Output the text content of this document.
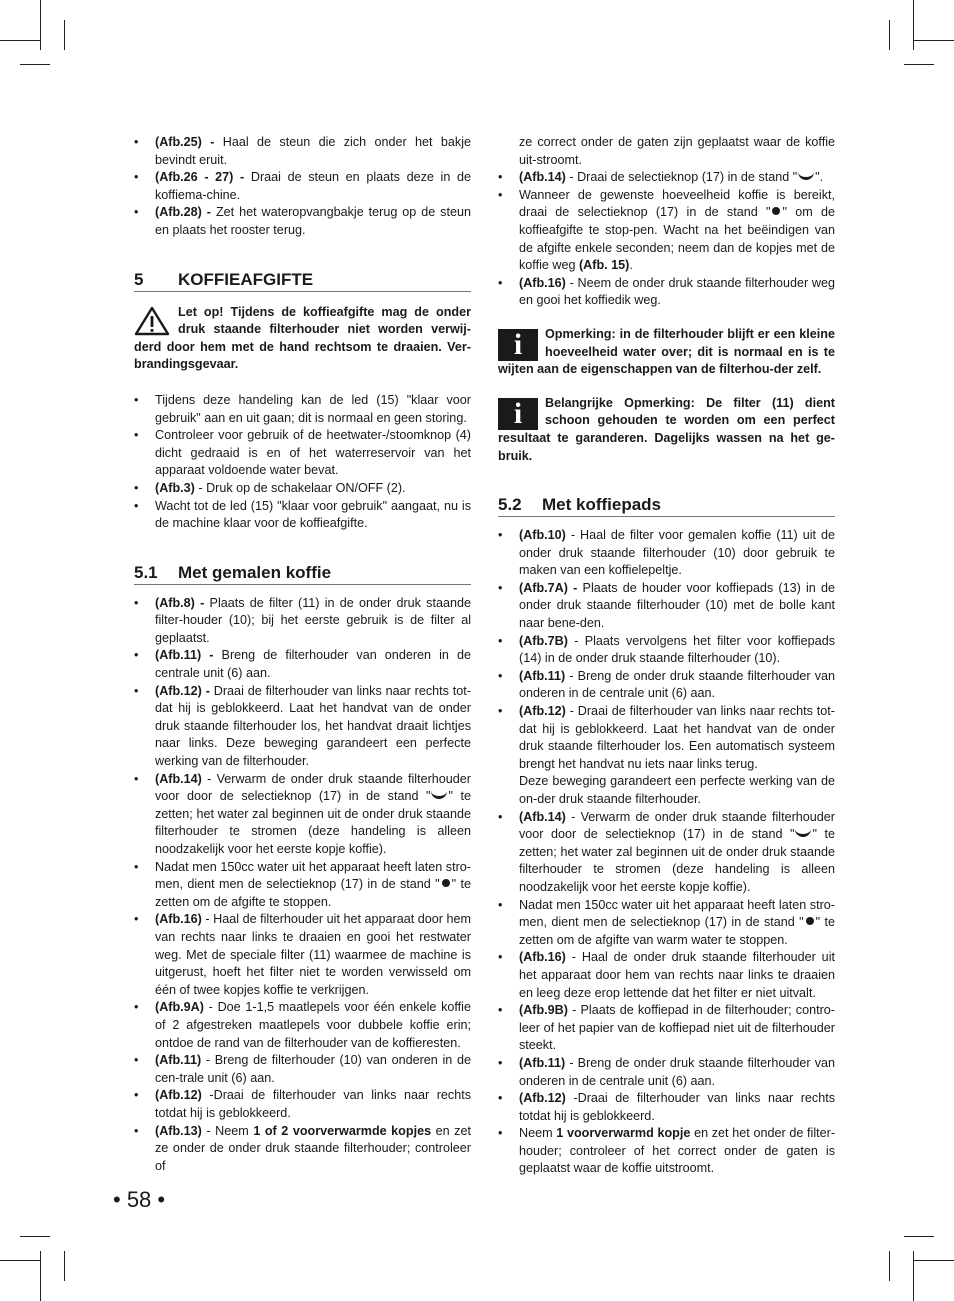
• (Afb.25) - Haal de steun die zich onder het bakje bevindt eruit.
• (Afb.26 - 27) - Draai de steun en plaats deze in de koffiema-chine.
• (Afb.28) - Zet het wateropvangbakje terug op de steun en plaats het rooster terug.
5	KOFFIEAFGIFTE
Let op! Tijdens de koffieafgifte mag de onder druk staande filterhouder niet worden verwij-derd door hem met de hand rechtsom te draaien. Ver-brandingsgevaar.
• Tijdens deze handeling kan de led (15) "klaar voor gebruik" aan en uit gaan; dit is normaal en geen storing.
• Controleer voor gebruik of de heetwater-/stoomknop (4) dicht gedraaid is en of het waterreservoir van het apparaat voldoende water bevat.
• (Afb.3) - Druk op de schakelaar ON/OFF (2).
• Wacht tot de led (15) "klaar voor gebruik" aangaat, nu is de machine klaar voor de koffieafgifte.
5.1	Met gemalen koffie
• (Afb.8) - Plaats de filter (11) in de onder druk staande filter-houder (10); bij het eerste gebruik is de filter al geplaatst.
• (Afb.11) - Breng de filterhouder van onderen in de centrale unit (6) aan.
• (Afb.12) - Draai de filterhouder van links naar rechts tot-dat hij is geblokkeerd. Laat het handvat van de onder druk staande filterhouder los, het handvat draait lichtjes naar links. Deze beweging garandeert een perfecte werking van de filterhouder.
• (Afb.14) - Verwarm de onder druk staande filterhouder voor door de selectieknop (17) in de stand " " te zetten; het water zal beginnen uit de onder druk staande filterhouder te stromen (deze handeling is alleen noodzakelijk voor het eerste kopje koffie).
• Nadat men 150cc water uit het apparaat heeft laten stro-men, dient men de selectieknop (17) in de stand " " te zetten om de afgifte te stoppen.
• (Afb.16) - Haal de filterhouder uit het apparaat door hem van rechts naar links te draaien en gooi het restwater weg. Met de speciale filter (11) waarmee de machine is uitgerust, hoeft het filter niet te worden verwisseld om één of twee kopjes koffie te verkrijgen.
• (Afb.9A) - Doe 1-1,5 maatlepels voor één enkele koffie of 2 afgestreken maatlepels voor dubbele koffie erin; ontdoe de rand van de filterhouder van de koffieresten.
• (Afb.11) - Breng de filterhouder (10) van onderen in de cen-trale unit (6) aan.
• (Afb.12) -Draai de filterhouder van links naar rechts totdat hij is geblokkeerd.
• (Afb.13) - Neem 1 of 2 voorverwarmde kopjes en zet ze onder de onder druk staande filterhouder; controleer of
• 58 •

ze correct onder de gaten zijn geplaatst waar de koffie uit-stroomt.

• (Afb.14) - Draai de selectieknop (17) in de stand " ".
• Wanneer de gewenste hoeveelheid koffie is bereikt, draai de selectieknop (17) in de stand " " om de koffieafgifte te stop-pen. Wacht na het beëindigen van de afgifte enkele seconden; neem dan de kopjes met de koffie weg (Afb. 15).
• (Afb.16) - Neem de onder druk staande filterhouder weg en gooi het koffiedik weg.
i	Opmerking: in de filterhouder blijft er een kleine hoeveelheid water over; dit is normaal en is te wijten aan de eigenschappen van de filterhou-der zelf.
i	Belangrijke Opmerking: De filter (11) dient schoon gehouden te worden om een perfect resultaat te garanderen. Dagelijks wassen na het ge-bruik.
5.2	Met koffiepads
• (Afb.10) - Haal de filter voor gemalen koffie (11) uit de onder druk staande filterhouder (10) door gebruik te maken van een koffielepeltje.
• (Afb.7A) - Plaats de houder voor koffiepads (13) in de onder druk staande filterhouder (10) met de bolle kant naar bene-den.
• (Afb.7B) - Plaats vervolgens het filter voor koffiepads (14) in de onder druk staande filterhouder (10).
• (Afb.11) - Breng de onder druk staande filterhouder van onderen in de centrale unit (6) aan.
• (Afb.12) - Draai de filterhouder van links naar rechts tot-dat hij is geblokkeerd. Laat het handvat van de onder druk staande filterhouder los. Een automatisch systeem brengt het handvat nu iets naar links terug.
Deze beweging garandeert een perfecte werking van de on-der druk staande filterhouder.
• (Afb.14) - Verwarm de onder druk staande filterhouder voor door de selectieknop (17) in de stand " " te zetten; het water zal beginnen uit de onder druk staande filterhouder te stromen (deze handeling is alleen noodzakelijk voor het eerste kopje koffie).
• Nadat men 150cc water uit het apparaat heeft laten stro-men, dient men de selectieknop (17) in de stand " " te zetten om de afgifte van warm water te stoppen.
• (Afb.16) - Haal de onder druk staande filterhouder uit het apparaat door hem van rechts naar links te draaien en leeg deze erop lettende dat het filter er niet uitvalt.
• (Afb.9B) - Plaats de koffiepad in de filterhouder; contro-leer of het papier van de koffiepad niet uit de filterhouder steekt.
• (Afb.11) - Breng de onder druk staande filterhouder van onderen in de centrale unit (6) aan.
• (Afb.12) -Draai de filterhouder van links naar rechts totdat hij is geblokkeerd.
• Neem 1 voorverwarmd kopje en zet het onder de filter-houder; controleer of het correct onder de gaten is geplaatst waar de koffie uitstroomt.
